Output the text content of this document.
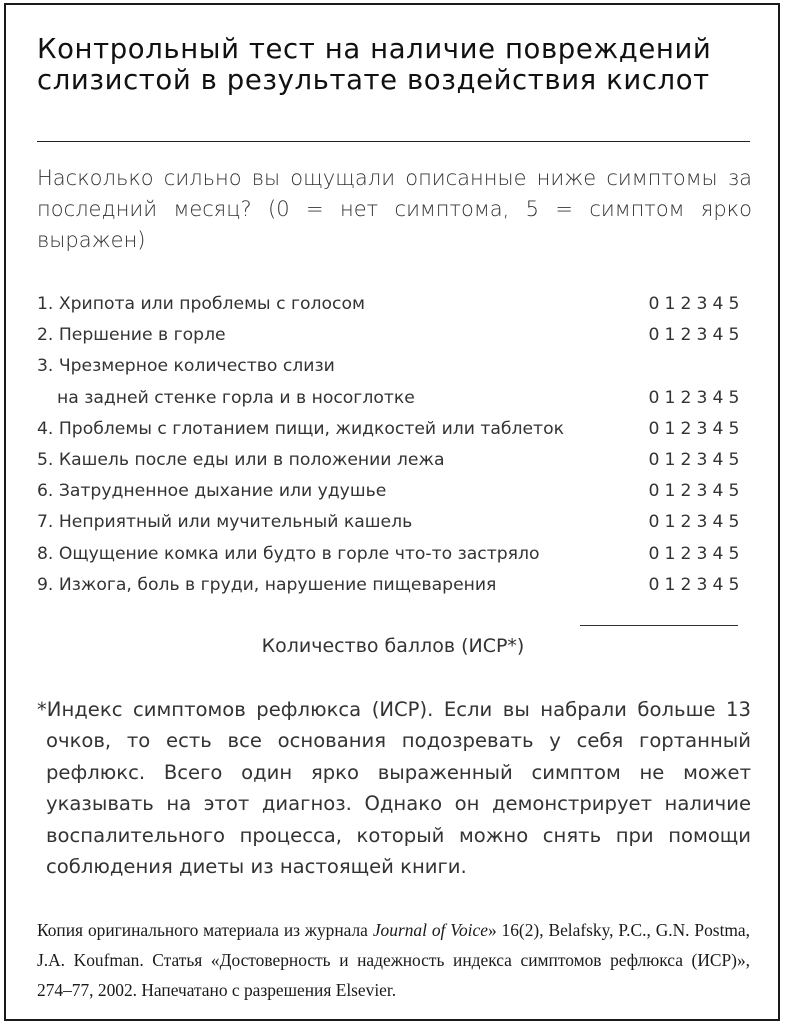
Контрольный тест на наличие повреждений слизистой в результате воздействия кислот

Насколько сильно вы ощущали описанные ниже симптомы за последний месяц? (0 = нет симптома, 5 = симптом ярко выражен)

1. Хрипота или проблемы с голосом	0 1 2 3 4 5
2. Першение в горле	0 1 2 3 4 5
3. Чрезмерное количество слизи
на задней стенке горла и в носоглотке	0 1 2 3 4 5
4. Проблемы с глотанием пищи, жидкостей или таблеток	0 1 2 3 4 5
5. Кашель после еды или в положении лежа	0 1 2 3 4 5
6. Затрудненное дыхание или удушье	0 1 2 3 4 5
7. Неприятный или мучительный кашель	0 1 2 3 4 5
8. Ощущение комка или будто в горле что-то застряло	0 1 2 3 4 5
9. Изжога, боль в груди, нарушение пищеварения	0 1 2 3 4 5
Количество баллов (ИСР*)

*Индекс симптомов рефлюкса (ИСР). Если вы набрали больше 13 очков, то есть все основания подозревать у себя гортанный рефлюкс. Всего один ярко выраженный симптом не может указывать на этот диагноз. Однако он демонстрирует наличие воспалительного процесса, который можно снять при помощи соблюдения диеты из настоящей книги.

Копия оригинального материала из журнала Journal of Voice» 16(2), Belafsky, P.C., G.N. Postma, J.A. Koufman. Статья «Достоверность и надежность индекса симптомов рефлюкса (ИСР)», 274–77, 2002. Напечатано с разрешения Elsevier.
